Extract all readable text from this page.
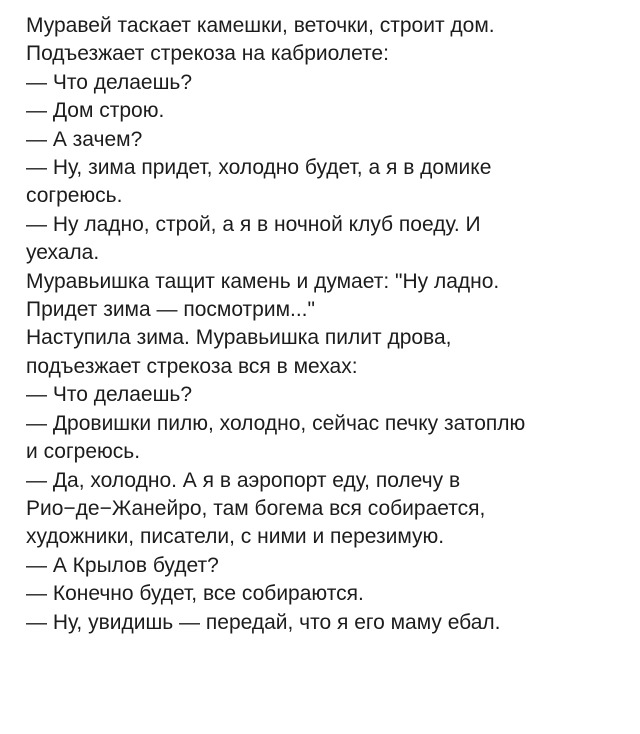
Муравей таскает камешки, веточки, строит дом.
Подъезжает стрекоза на кабриолете:
— Что делаешь?
— Дом строю.
— А зачем?
— Ну, зима придет, холодно будет, а я в домике
согреюсь.
— Ну ладно, строй, а я в ночной клуб поеду. И
уехала.
Муравьишка тащит камень и думает: "Ну ладно.
Придет зима — посмотрим..."
Наступила зима. Муравьишка пилит дрова,
подъезжает стрекоза вся в мехах:
— Что делаешь?
— Дровишки пилю, холодно, сейчас печку затоплю
и согреюсь.
— Да, холодно. А я в аэропорт еду, полечу в
Рио−де−Жанейро, там богема вся собирается,
художники, писатели, с ними и перезимую.
— А Крылов будет?
— Конечно будет, все собираются.
— Ну, увидишь — передай, что я его маму ебал.
